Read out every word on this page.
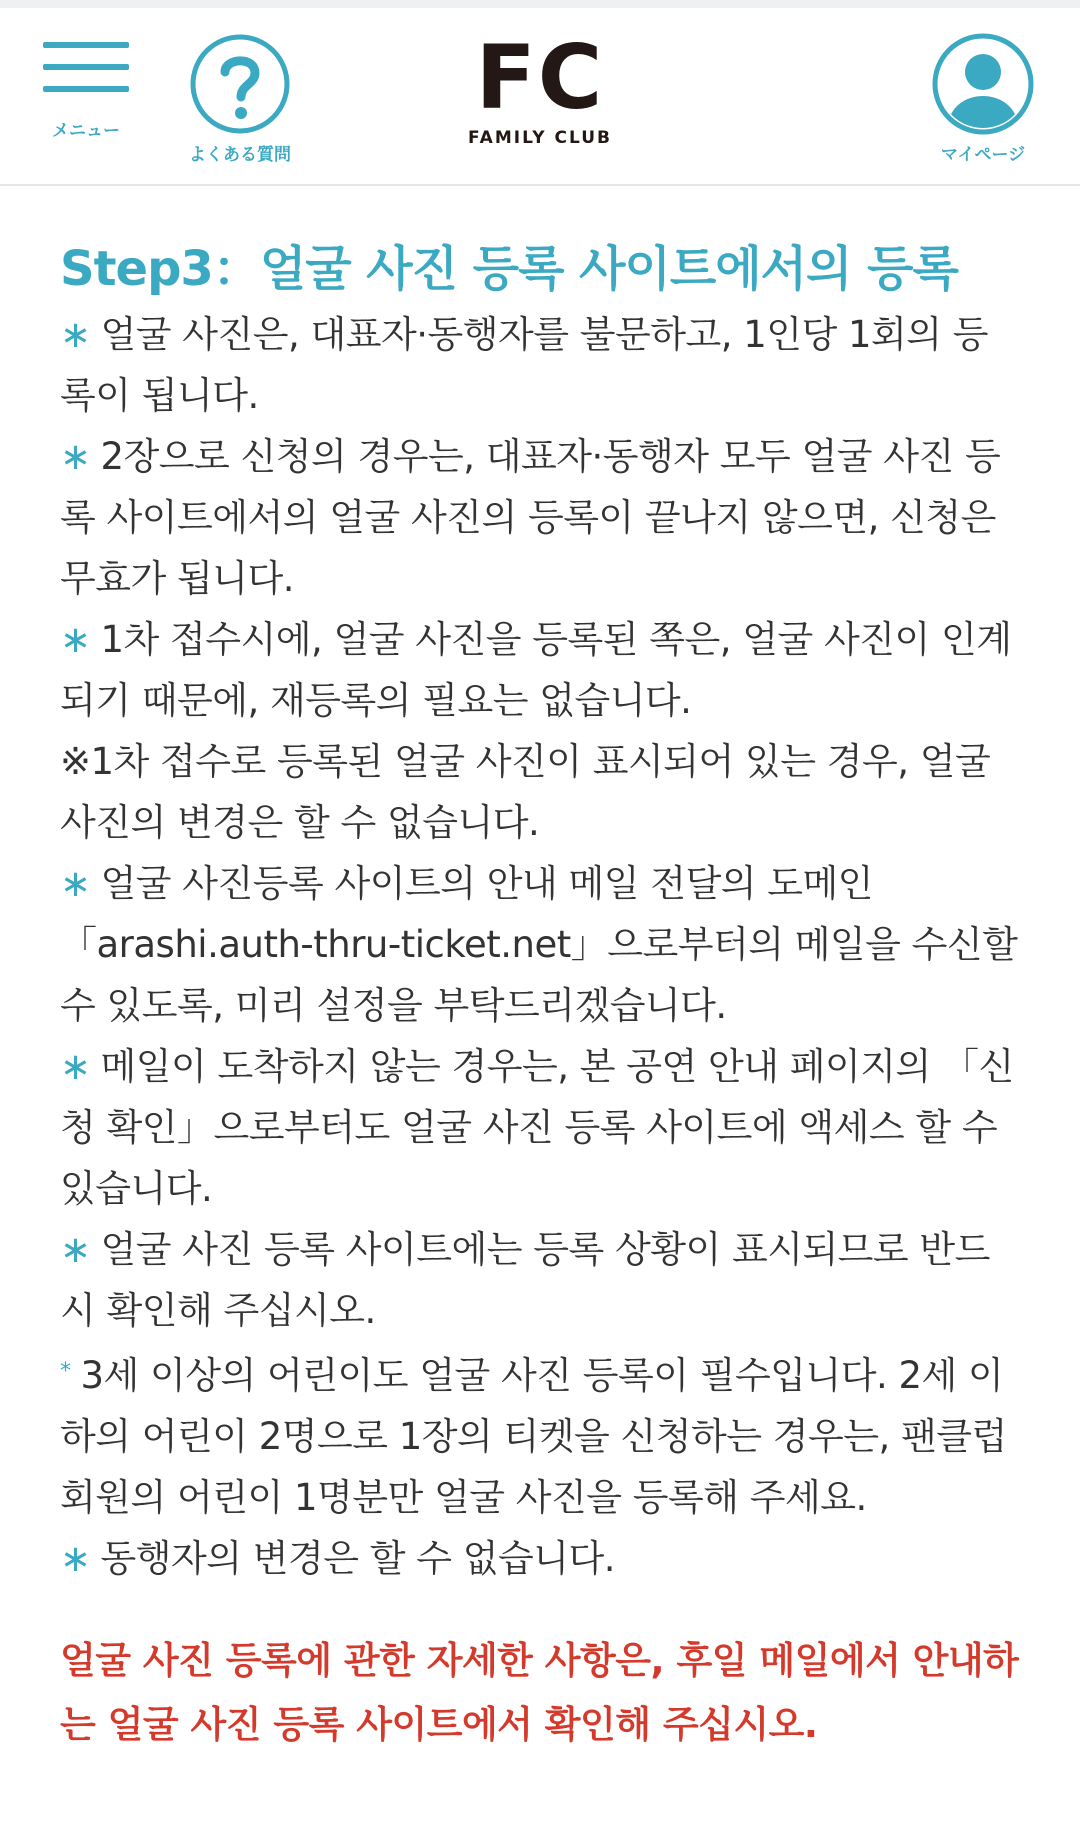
メニュー
よくある質問
FC
FAMILY CLUB
マイページ
Step3：얼굴 사진 등록 사이트에서의 등록
∗ 얼굴 사진은, 대표자·동행자를 불문하고, 1인당 1회의 등록이 됩니다.
∗ 2장으로 신청의 경우는, 대표자·동행자 모두 얼굴 사진 등록 사이트에서의 얼굴 사진의 등록이 끝나지 않으면, 신청은 무효가 됩니다.
∗ 1차 접수시에, 얼굴 사진을 등록된 쪽은, 얼굴 사진이 인계되기 때문에, 재등록의 필요는 없습니다.
※1차 접수로 등록된 얼굴 사진이 표시되어 있는 경우, 얼굴 사진의 변경은 할 수 없습니다.
∗ 얼굴 사진등록 사이트의 안내 메일 전달의 도메인 「arashi.auth-thru-ticket.net」으로부터의 메일을 수신할 수 있도록, 미리 설정을 부탁드리겠습니다.
∗ 메일이 도착하지 않는 경우는, 본 공연 안내 페이지의 「신청 확인」으로부터도 얼굴 사진 등록 사이트에 액세스 할 수 있습니다.
∗ 얼굴 사진 등록 사이트에는 등록 상황이 표시되므로 반드시 확인해 주십시오.
* 3세 이상의 어린이도 얼굴 사진 등록이 필수입니다. 2세 이하의 어린이 2명으로 1장의 티켓을 신청하는 경우는, 팬클럽 회원의 어린이 1명분만 얼굴 사진을 등록해 주세요.
∗ 동행자의 변경은 할 수 없습니다.

얼굴 사진 등록에 관한 자세한 사항은, 후일 메일에서 안내하는 얼굴 사진 등록 사이트에서 확인해 주십시오.
